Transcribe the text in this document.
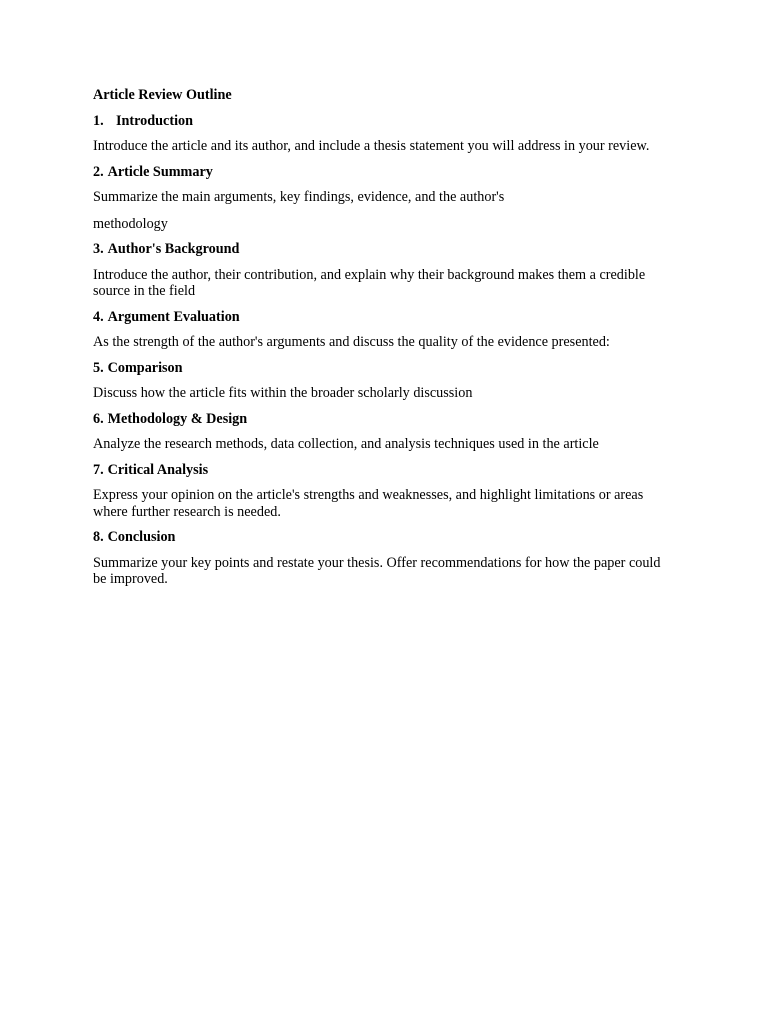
Article Review Outline
1. Introduction
Introduce the article and its author, and include a thesis statement you will address in your review.
2. Article Summary
Summarize the main arguments, key findings, evidence, and the author's
methodology
3. Author's Background
Introduce the author, their contribution, and explain why their background makes them a credible source in the field
4. Argument Evaluation
As the strength of the author's arguments and discuss the quality of the evidence presented:
5. Comparison
Discuss how the article fits within the broader scholarly discussion
6. Methodology & Design
Analyze the research methods, data collection, and analysis techniques used in the article
7. Critical Analysis
Express your opinion on the article's strengths and weaknesses, and highlight limitations or areas where further research is needed.
8. Conclusion
Summarize your key points and restate your thesis. Offer recommendations for how the paper could be improved.
